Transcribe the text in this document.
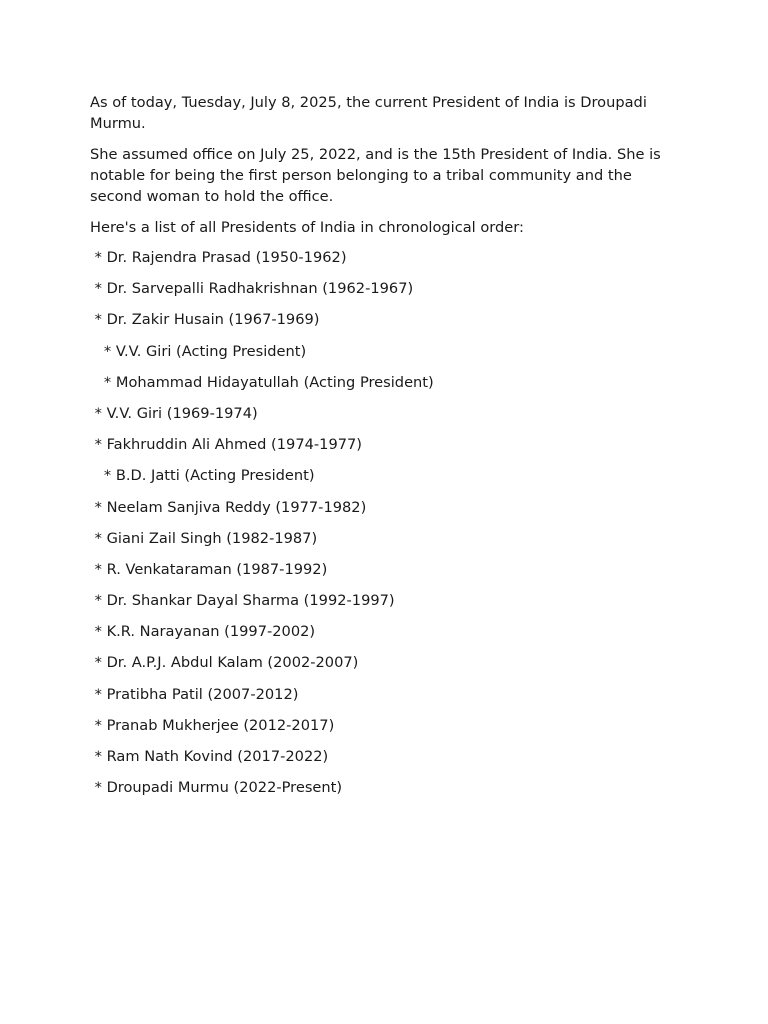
As of today, Tuesday, July 8, 2025, the current President of India is Droupadi Murmu.

She assumed office on July 25, 2022, and is the 15th President of India. She is notable for being the first person belonging to a tribal community and the second woman to hold the office.

Here's a list of all Presidents of India in chronological order:

* Dr. Rajendra Prasad (1950-1962)
* Dr. Sarvepalli Radhakrishnan (1962-1967)
* Dr. Zakir Husain (1967-1969)
* V.V. Giri (Acting President)
* Mohammad Hidayatullah (Acting President)
* V.V. Giri (1969-1974)
* Fakhruddin Ali Ahmed (1974-1977)
* B.D. Jatti (Acting President)
* Neelam Sanjiva Reddy (1977-1982)
* Giani Zail Singh (1982-1987)
* R. Venkataraman (1987-1992)
* Dr. Shankar Dayal Sharma (1992-1997)
* K.R. Narayanan (1997-2002)
* Dr. A.P.J. Abdul Kalam (2002-2007)
* Pratibha Patil (2007-2012)
* Pranab Mukherjee (2012-2017)
* Ram Nath Kovind (2017-2022)
* Droupadi Murmu (2022-Present)
